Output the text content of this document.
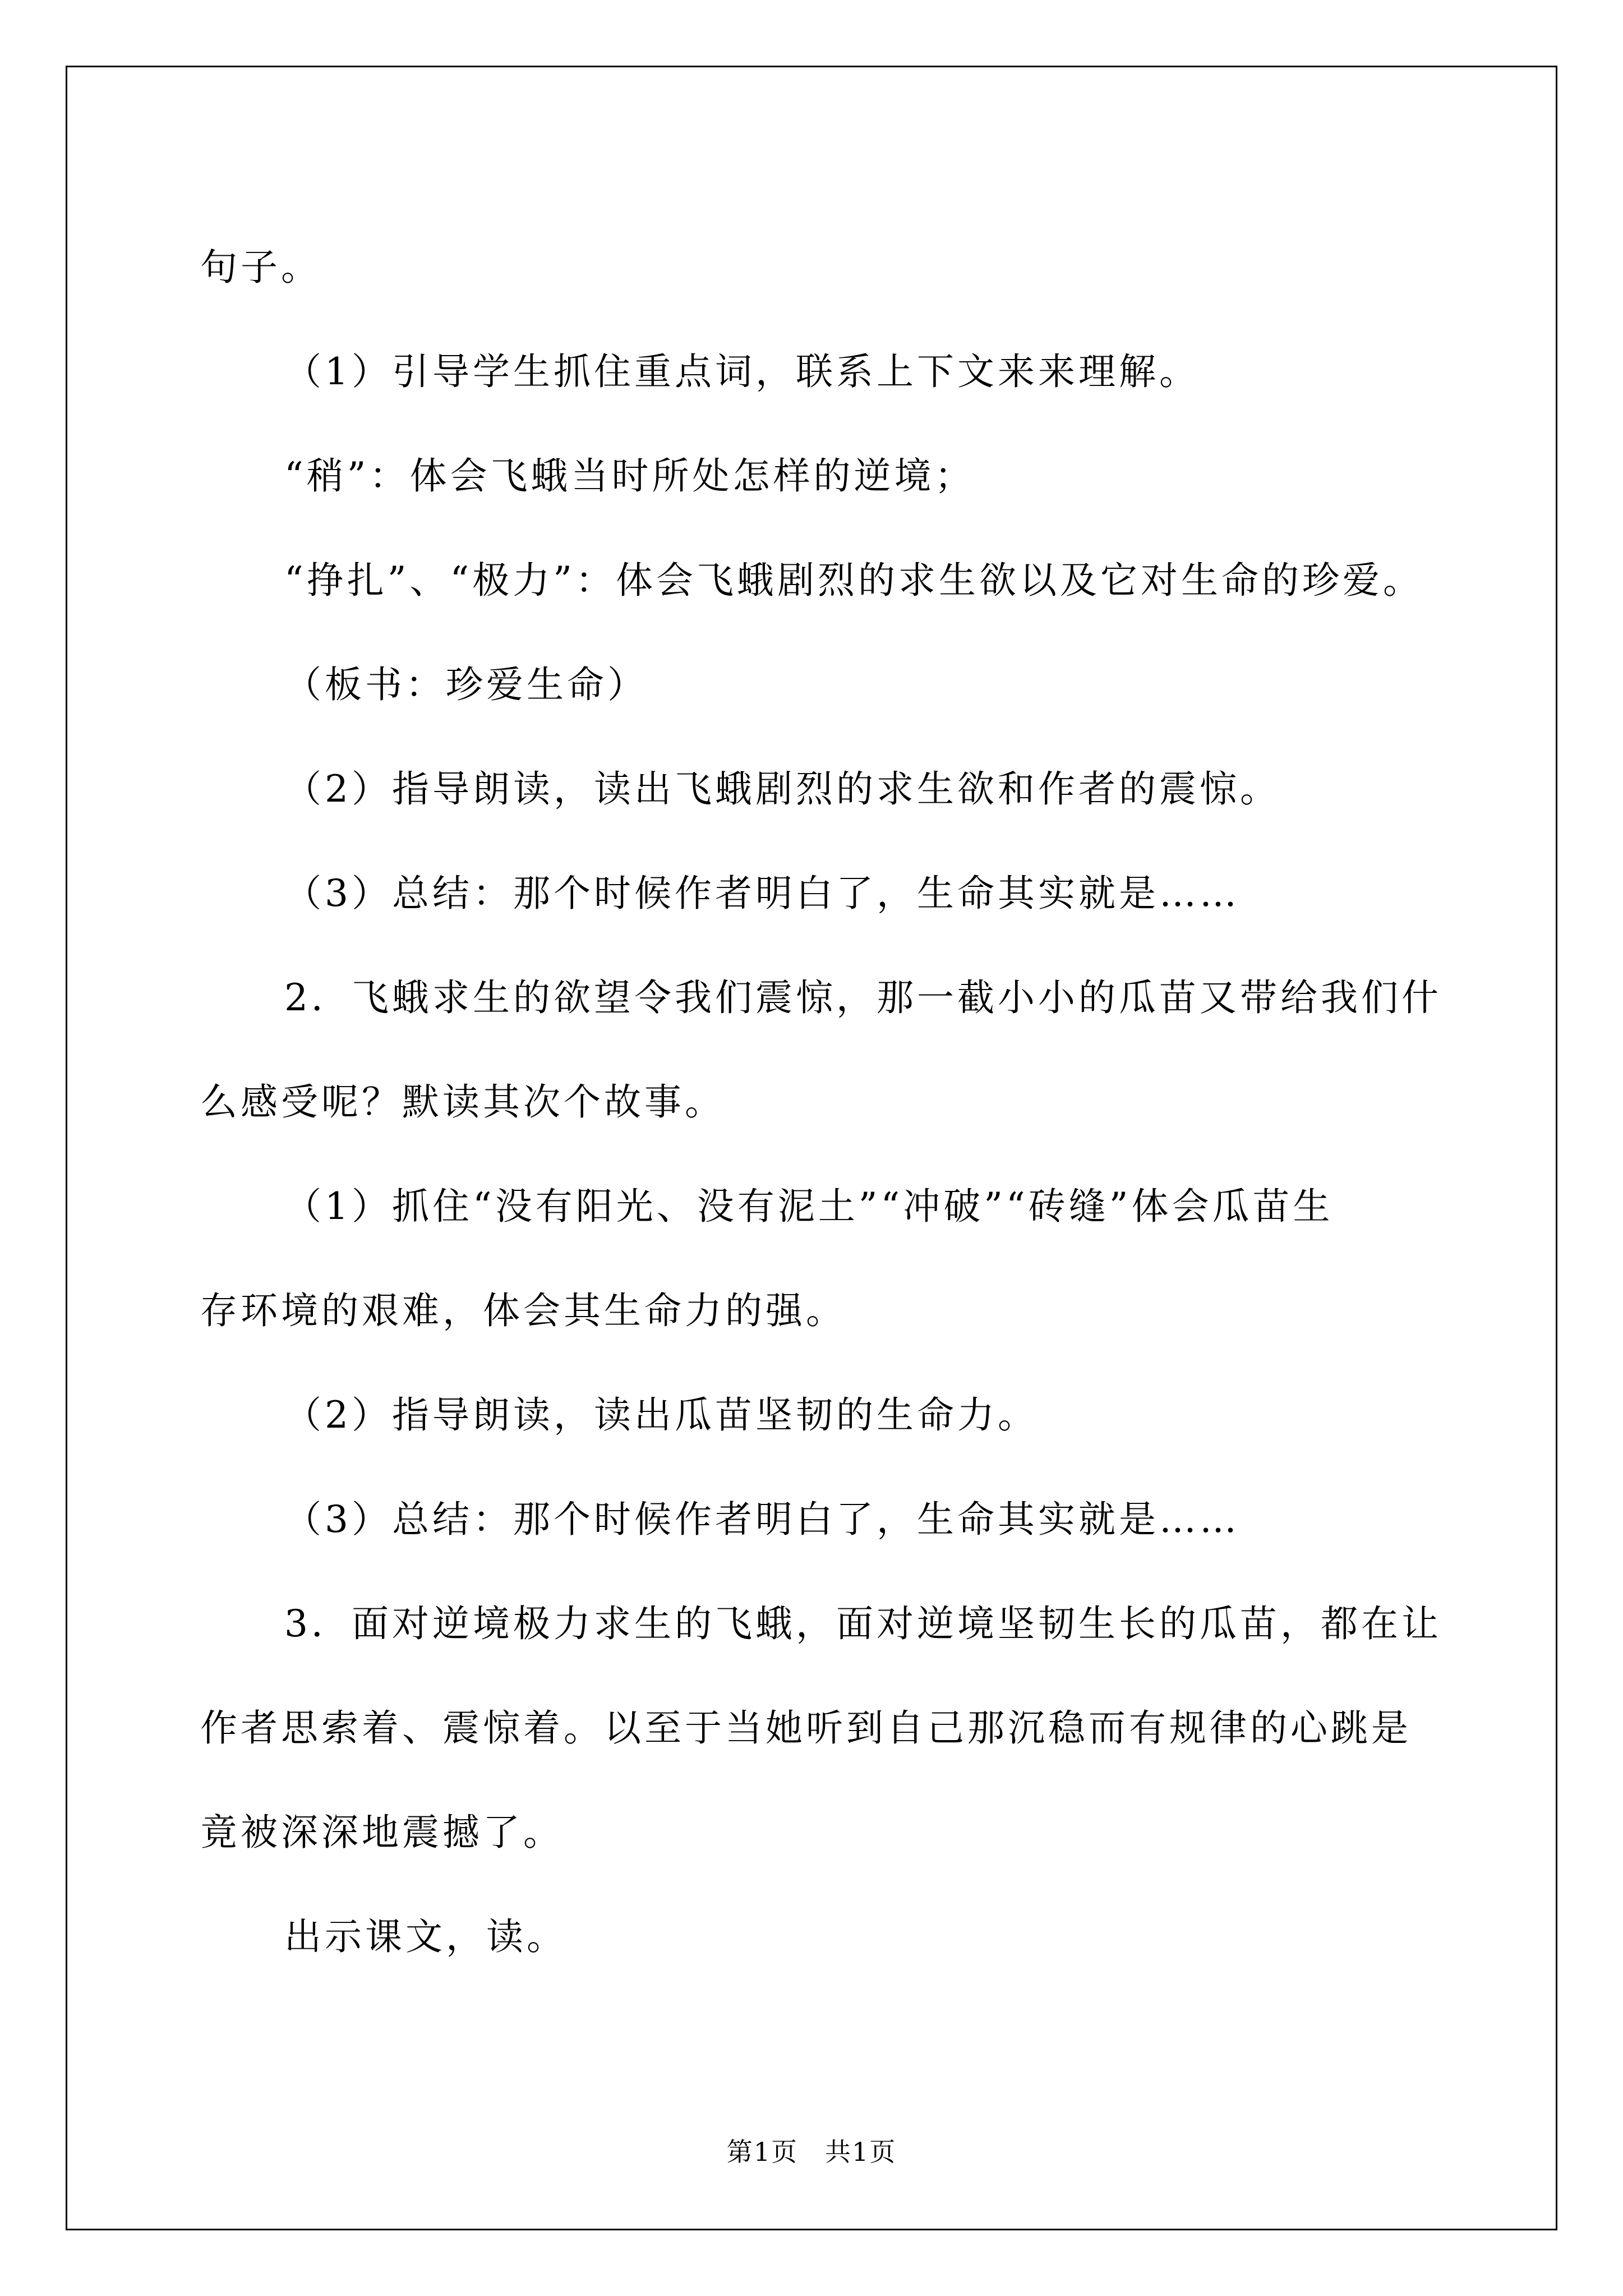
句子。

（1）引导学生抓住重点词，联系上下文来来理解。

“稍”：体会飞蛾当时所处怎样的逆境；

“挣扎”、“极力”：体会飞蛾剧烈的求生欲以及它对生命的珍爱。

（板书：珍爱生命）

（2）指导朗读，读出飞蛾剧烈的求生欲和作者的震惊。

（3）总结：那个时候作者明白了，生命其实就是……

2．飞蛾求生的欲望令我们震惊，那一截小小的瓜苗又带给我们什

么感受呢？默读其次个故事。

（1）抓住“没有阳光、没有泥土”“冲破”“砖缝”体会瓜苗生

存环境的艰难，体会其生命力的强。

（2）指导朗读，读出瓜苗坚韧的生命力。

（3）总结：那个时候作者明白了，生命其实就是……

3．面对逆境极力求生的飞蛾，面对逆境坚韧生长的瓜苗，都在让

作者思索着、震惊着。以至于当她听到自己那沉稳而有规律的心跳是

竟被深深地震撼了。

出示课文，读。

第1页　共1页
